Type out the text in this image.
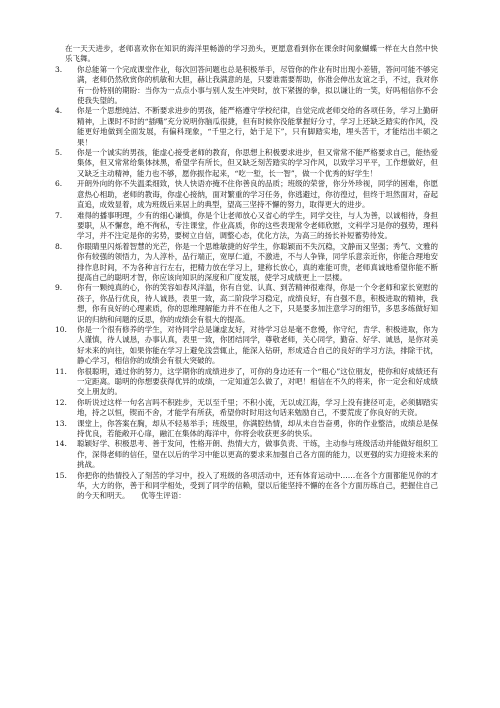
在一天天进步，老师喜欢你在知识的海洋里畅游的学习劲头，更愿意看到你在课余时间象蝴蝶一样在大自然中快乐飞舞。

3.	你总能第一个完成课堂作业，每次回答问题也总是积极举手，尽管你的作业有时出现小差错，答问可能不够完满，老师仍然欣赏你的机敏和大胆，赫让我满意的是，只要谁需要帮助，你准会伸出友谊之手，不过，我对你有一份特别的期盼：当你为一点点小事与别人发生冲突时，放下紧握的拳，拟以谦让的一笑，好吗相信你不会使我失望的。
4.	你是一个思想纯洁、不断要求进步的男孩，能严格遵守学校纪律，自觉完成老师交给的各项任务，学习上勤研精神，上课时不时的“插嘴”充分说明你脑瓜很捷，但有时候你没能掌握好分寸，学习上还缺乏踏实的作风，没能更好地做到全面发展，有偏科现象，“千里之行，始于足下”，只有脚踏实地，埋头苦干，才能结出丰硕之果！
5.	你是一个诚实的男孩，能虚心接受老师的教育，你思想上积极要求进步，但又常常不能严格要求自己，能热爱集体，但又常常给集体抹黑，希望学有所长，但又缺乏刻苦踏实的学习作风，以致学习平平，工作想做好，但又缺乏主动精神，能力也不够，愿你振作起来，“吃一堑，长一智”，做一个优秀的好学生！
6.	开朗外向的你不失温柔细致，快人快语亦掩不住你善良的品质；班级的荣誉，你分外珍视，同学的困难，你愿意热心相助，老师的教诲，你虚心接纳，面对繁重的学习任务，你逃避过，你彷徨过，但终于坦然面对，奋起直追，成效显着，成为班级后来居上的典型，望高三坚持不懈的努力，取得更大的进步。
7.	难得的播事明理，少有的细心谦慎，你是个让老师放心又省心的学生，同学交往，与人为善，以诚相待，身担要职，从不懈怠，绝不徇私，专注课堂，作业高质，你的这些表现常令老师欣慰，文科学习是你的强势，理科学习，并不注定是你的劣势，要树立自信，调整心态，优化方法，为高三的扬长补短蓄势待发。
8.	你眼睛里闪烁着智慧的光芒，你是一个思维敏捷的好学生，你聪颖而不失沉稳，文静而又坚强；秀气、文雅的你有较强的领悟力，为人淳朴，品行端正，宽厚仁道，不激进，不与人争锋，同学乐意亲近你，你能合理地安排作息时间，不为各种言行左右，把精力放在学习上，建称长放心，真的难能可贵，老师真诚地希望你能不断提高自己的聪明才智，你应该向知识的深度和广度发展，使学习成绩更上一层楼。
9.	你有一颗纯真的心，你的笑容如春风洋温，你有自觉、认真、到苦精神很难得，你是一个令老师和家长宽慰的孩子，你品行优良，待人诚恳，表里一致，高二阶段学习稳定，成绩良好，有自强不息，积极进取的精神，我想，你有良好的心理素质，你的思维理解能力并不在他人之下，只是要多加注意学习的细节，多思多练做好知识的归纳和问题的反思，你的成绩会有很大的提高。
10.	你是一个很有修养的学生，对待同学总是谦虚友好，对待学习总是毫不怠慢，你守纪，肯学、积极进取，你为人谨慎，待人诚恳，办事认真，表里一致，你团结同学，尊敬老师，关心同学，勤奋、好学、诚恳，是你对美好未来的向往，如果你能在学习上避免浅尝辄止，能深入钻研，形成适合自己的良好的学习方法，排除干扰，静心学习，相信你的成绩会有很大突破的。
11.	你很聪明，通过你的努力，这学期你的成绩进步了，可你的身边还有一个“粗心”这位朋友，使你和好成绩还有一定距离。聪明的你想要获得优异的成绩，一定知道怎么做了，对吧！相信在不久的将来，你一定会和好成绩交上朋友的。
12.	你听说过这样一句名言吗不积跬步，无以至千里；不积小流，无以成江海，学习上没有捷径可走，必须脚踏实地，持之以恒，锲而不舍，才能学有所获，希望你时时用这句话来勉励自己，不要荒废了你良好的天资。
13.	课堂上，你答案在胸，却从不轻易举手；班级里，你满腔热情，却从未自告奋勇，你的作业整洁，成绩总是保持优良，若能敞开心扉，融汇在集体的海洋中，你将会收获更多的快乐。
14.	聪颖好学、积极思考、善于发问，性格开朗、热情大方，做事负责、干练，主动参与班级活动并能做好组织工作，深得老师的信任，望在以后的学习中能以更高的要求来加强自己各方面的能力，以更强的实力迎接未来的挑战。
15.	你把你的热情投入了刻苦的学习中，投入了班级的各项活动中，还有体育运动中……在各个方面都能见你的才华，大方的你，善于和同学相处，受到了同学的信赖，望以后能坚持不懈的在各个方面历练自己，把握住自己的今天和明天。　　优等生评语：
